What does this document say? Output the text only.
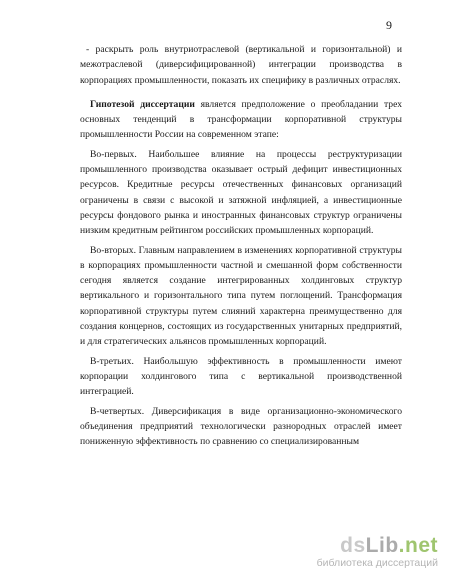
9

- раскрыть роль внутриотраслевой (вертикальной и горизонтальной) и межотраслевой (диверсифицированной) интеграции производства в корпорациях промышленности, показать их специфику в различных отраслях.

Гипотезой диссертации является предположение о преобладании трех основных тенденций в трансформации корпоративной структуры промышленности России на современном этапе:

Во-первых. Наибольшее влияние на процессы реструктуризации промышленного производства оказывает острый дефицит инвестиционных ресурсов. Кредитные ресурсы отечественных финансовых организаций ограничены в связи с высокой и затяжной инфляцией, а инвестиционные ресурсы фондового рынка и иностранных финансовых структур ограничены низким кредитным рейтингом российских промышленных корпораций.

Во-вторых. Главным направлением в изменениях корпоративной структуры в корпорациях промышленности частной и смешанной форм собственности сегодня является создание интегрированных холдинговых структур вертикального и горизонтального типа путем поглощений. Трансформация корпоративной структуры путем слияний характерна преимущественно для создания концернов, состоящих из государственных унитарных предприятий, и для стратегических альянсов промышленных корпораций.

В-третьих. Наибольшую эффективность в промышленности имеют корпорации холдингового типа с вертикальной производственной интеграцией.

В-четвертых. Диверсификация в виде организационно-экономического объединения предприятий технологически разнородных отраслей имеет пониженную эффективность по сравнению со специализированным

dsLib.net
библиотека диссертаций
